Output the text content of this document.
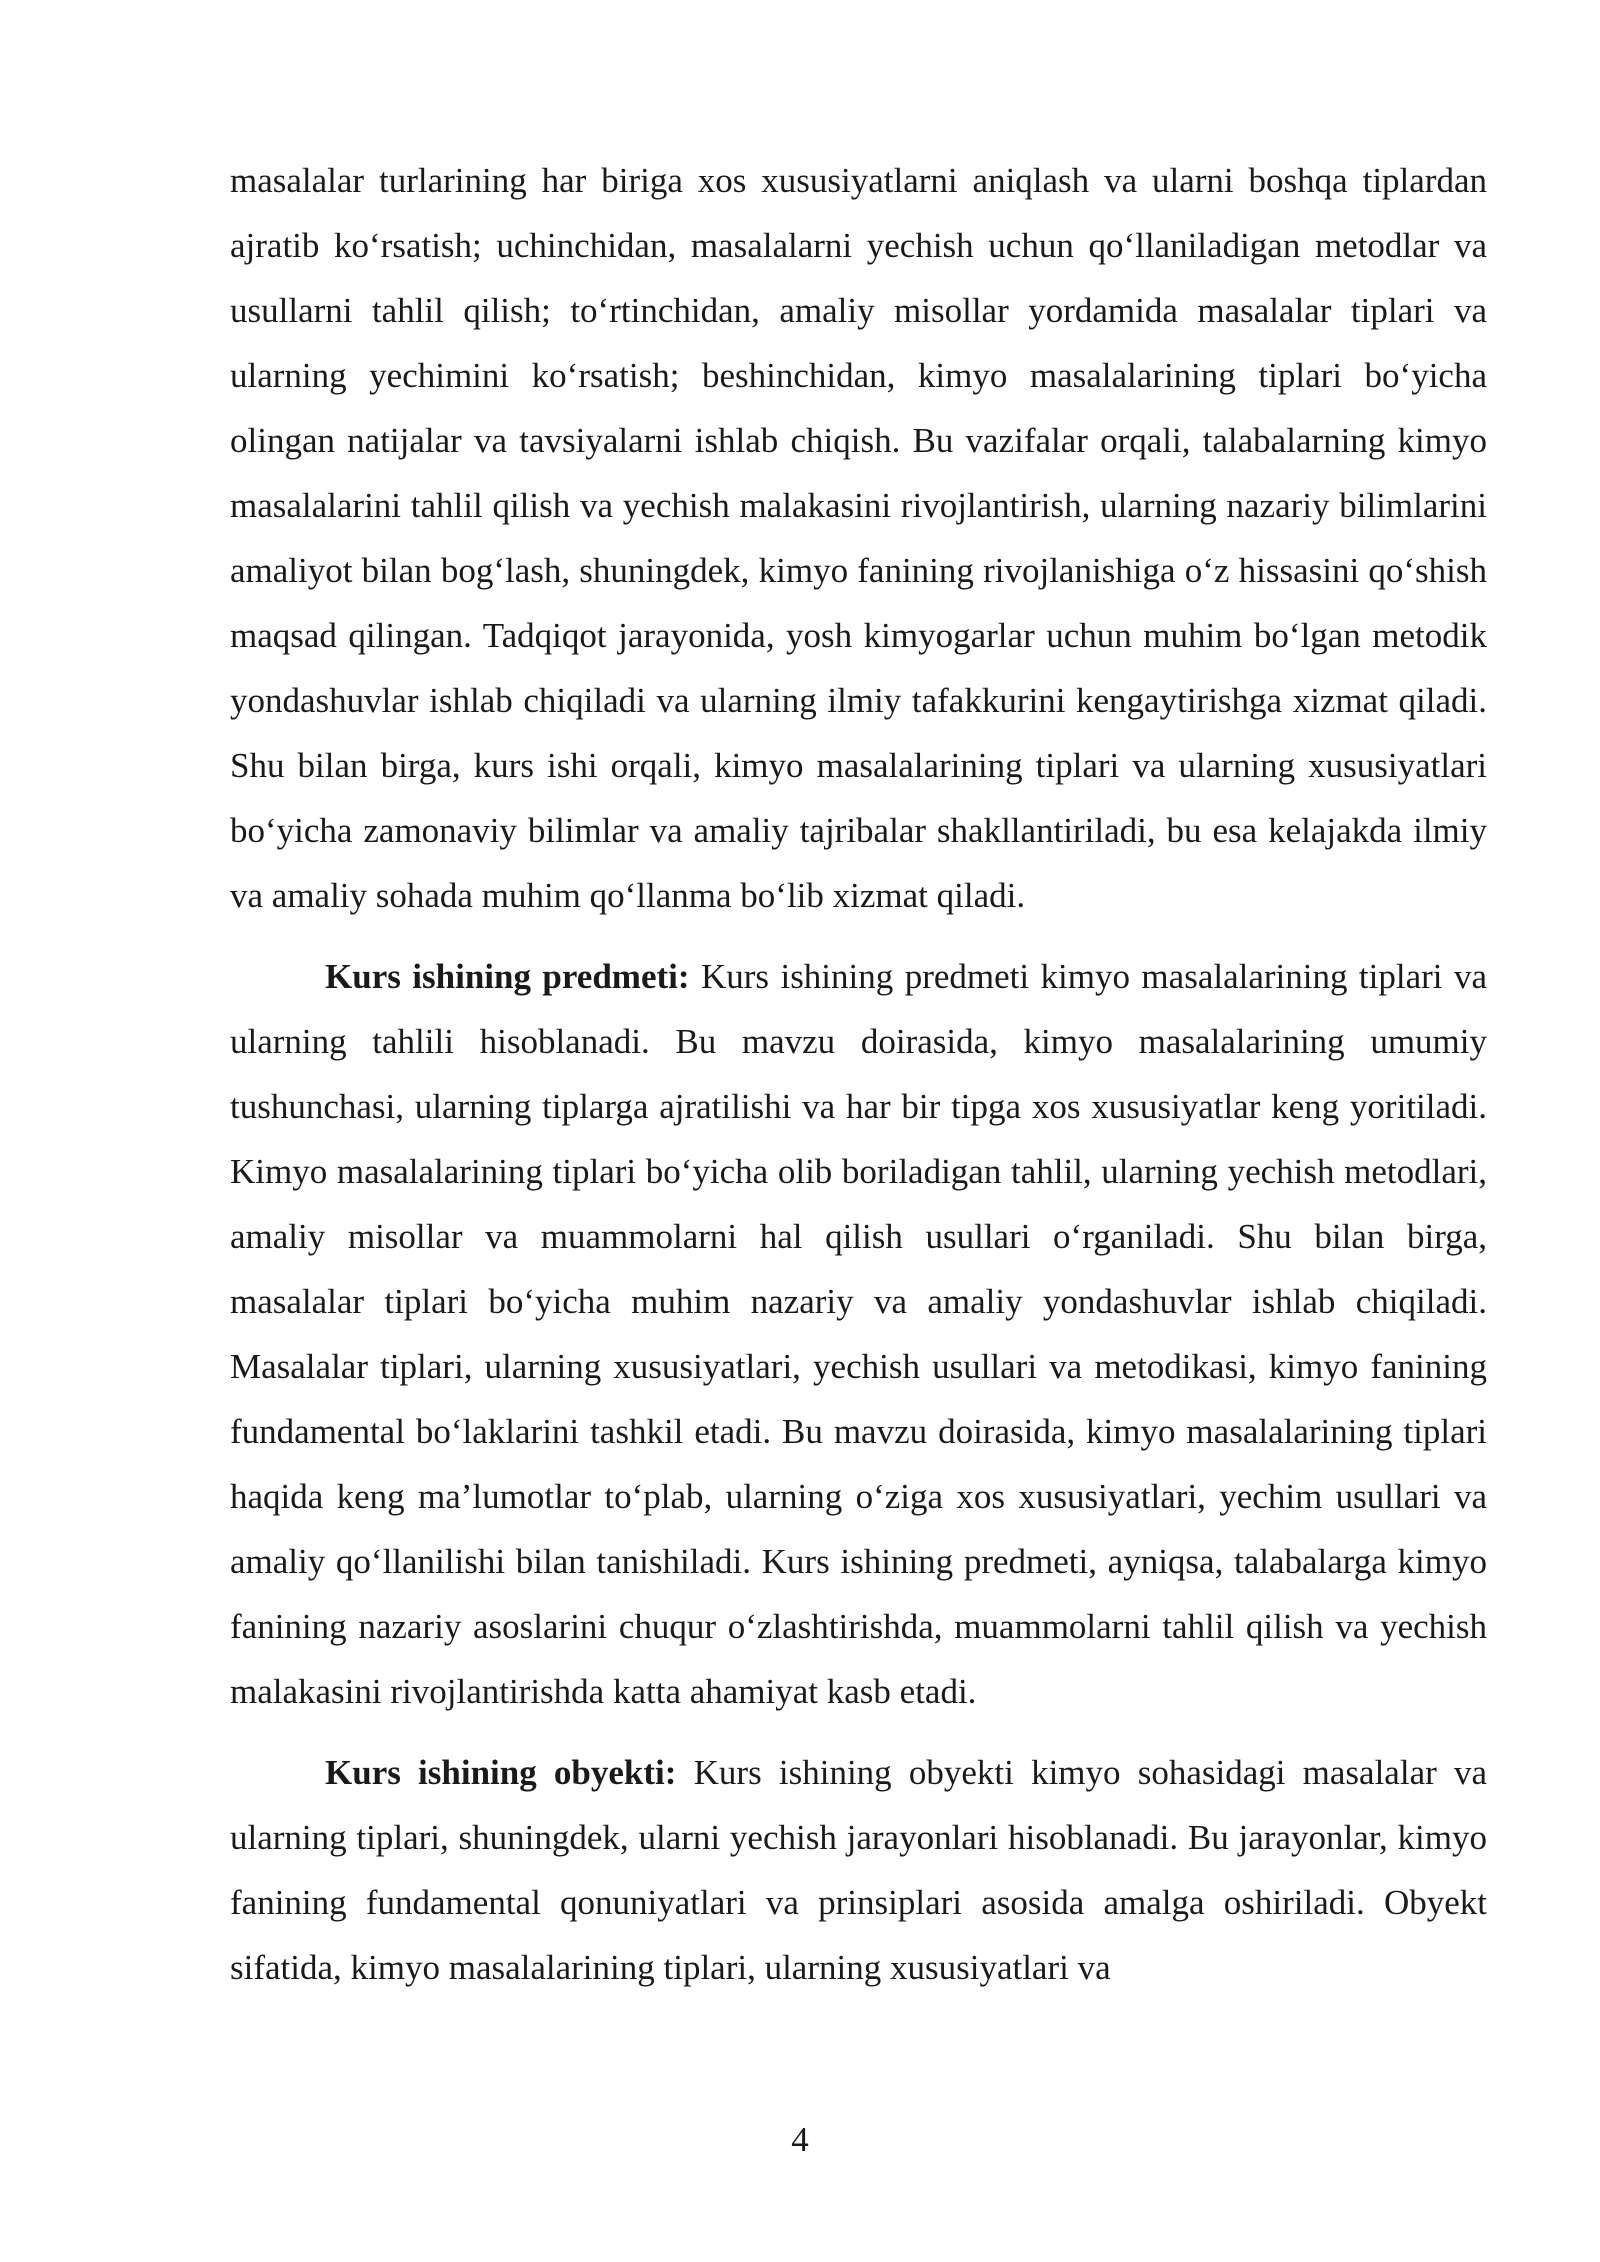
masalalar turlarining har biriga xos xususiyatlarni aniqlash va ularni boshqa tiplardan ajratib ko‘rsatish; uchinchidan, masalalarni yechish uchun qo‘llaniladigan metodlar va usullarni tahlil qilish; to‘rtinchidan, amaliy misollar yordamida masalalar tiplari va ularning yechimini ko‘rsatish; beshinchidan, kimyo masalalarining tiplari bo‘yicha olingan natijalar va tavsiyalarni ishlab chiqish. Bu vazifalar orqali, talabalarning kimyo masalalarini tahlil qilish va yechish malakasini rivojlantirish, ularning nazariy bilimlarini amaliyot bilan bog‘lash, shuningdek, kimyo fanining rivojlanishiga o‘z hissasini qo‘shish maqsad qilingan. Tadqiqot jarayonida, yosh kimyogarlar uchun muhim bo‘lgan metodik yondashuvlar ishlab chiqiladi va ularning ilmiy tafakkurini kengaytirishga xizmat qiladi. Shu bilan birga, kurs ishi orqali, kimyo masalalarining tiplari va ularning xususiyatlari bo‘yicha zamonaviy bilimlar va amaliy tajribalar shakllantiriladi, bu esa kelajakda ilmiy va amaliy sohada muhim qo‘llanma bo‘lib xizmat qiladi.

Kurs ishining predmeti: Kurs ishining predmeti kimyo masalalarining tiplari va ularning tahlili hisoblanadi. Bu mavzu doirasida, kimyo masalalarining umumiy tushunchasi, ularning tiplarga ajratilishi va har bir tipga xos xususiyatlar keng yoritiladi. Kimyo masalalarining tiplari bo‘yicha olib boriladigan tahlil, ularning yechish metodlari, amaliy misollar va muammolarni hal qilish usullari o‘rganiladi. Shu bilan birga, masalalar tiplari bo‘yicha muhim nazariy va amaliy yondashuvlar ishlab chiqiladi. Masalalar tiplari, ularning xususiyatlari, yechish usullari va metodikasi, kimyo fanining fundamental bo‘laklarini tashkil etadi. Bu mavzu doirasida, kimyo masalalarining tiplari haqida keng ma’lumotlar to‘plab, ularning o‘ziga xos xususiyatlari, yechim usullari va amaliy qo‘llanilishi bilan tanishiladi. Kurs ishining predmeti, ayniqsa, talabalarga kimyo fanining nazariy asoslarini chuqur o‘zlashtirishda, muammolarni tahlil qilish va yechish malakasini rivojlantirishda katta ahamiyat kasb etadi.

Kurs ishining obyekti: Kurs ishining obyekti kimyo sohasidagi masalalar va ularning tiplari, shuningdek, ularni yechish jarayonlari hisoblanadi. Bu jarayonlar, kimyo fanining fundamental qonuniyatlari va prinsiplari asosida amalga oshiriladi. Obyekt sifatida, kimyo masalalarining tiplari, ularning xususiyatlari va

4
